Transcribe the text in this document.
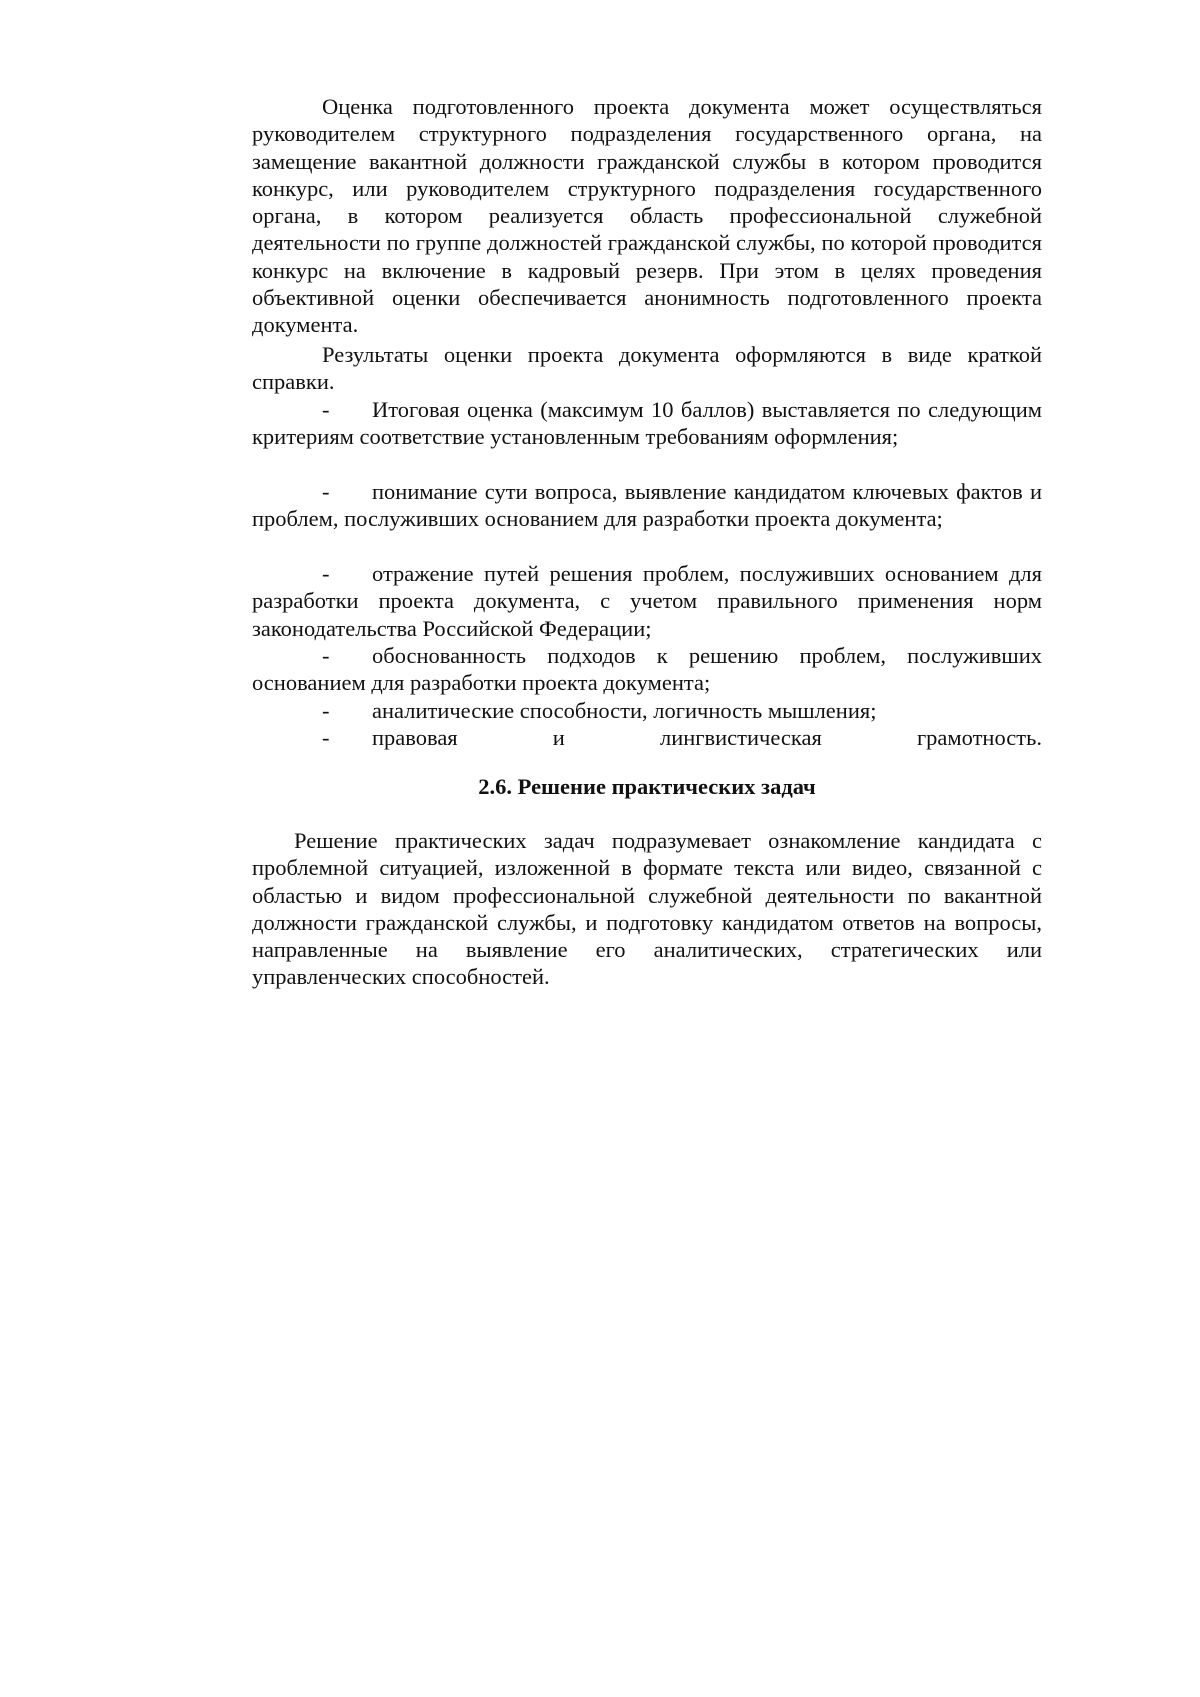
Оценка подготовленного проекта документа может осуществляться руководителем структурного подразделения государственного органа, на замещение вакантной должности гражданской службы в котором проводится конкурс, или руководителем структурного подразделения государственного органа, в котором реализуется область профессиональной служебной деятельности по группе должностей гражданской службы, по которой проводится конкурс на включение в кадровый резерв. При этом в целях проведения объективной оценки обеспечивается анонимность подготовленного проекта документа.
Результаты оценки проекта документа оформляются в виде краткой справки.
- Итоговая оценка (максимум 10 баллов) выставляется по следующим критериям соответствие установленным требованиям оформления;
- понимание сути вопроса, выявление кандидатом ключевых фактов и проблем, послуживших основанием для разработки проекта документа;
- отражение путей решения проблем, послуживших основанием для разработки проекта документа, с учетом правильного применения норм законодательства Российской Федерации;
- обоснованность подходов к решению проблем, послуживших основанием для разработки проекта документа;
- аналитические способности, логичность мышления;
- правовая	и	лингвистическая	грамотность.
2.6. Решение практических задач
Решение практических задач подразумевает ознакомление кандидата с проблемной ситуацией, изложенной в формате текста или видео, связанной с областью и видом профессиональной служебной деятельности по вакантной должности гражданской службы, и подготовку кандидатом ответов на вопросы, направленные на выявление его аналитических, стратегических или управленческих способностей.
